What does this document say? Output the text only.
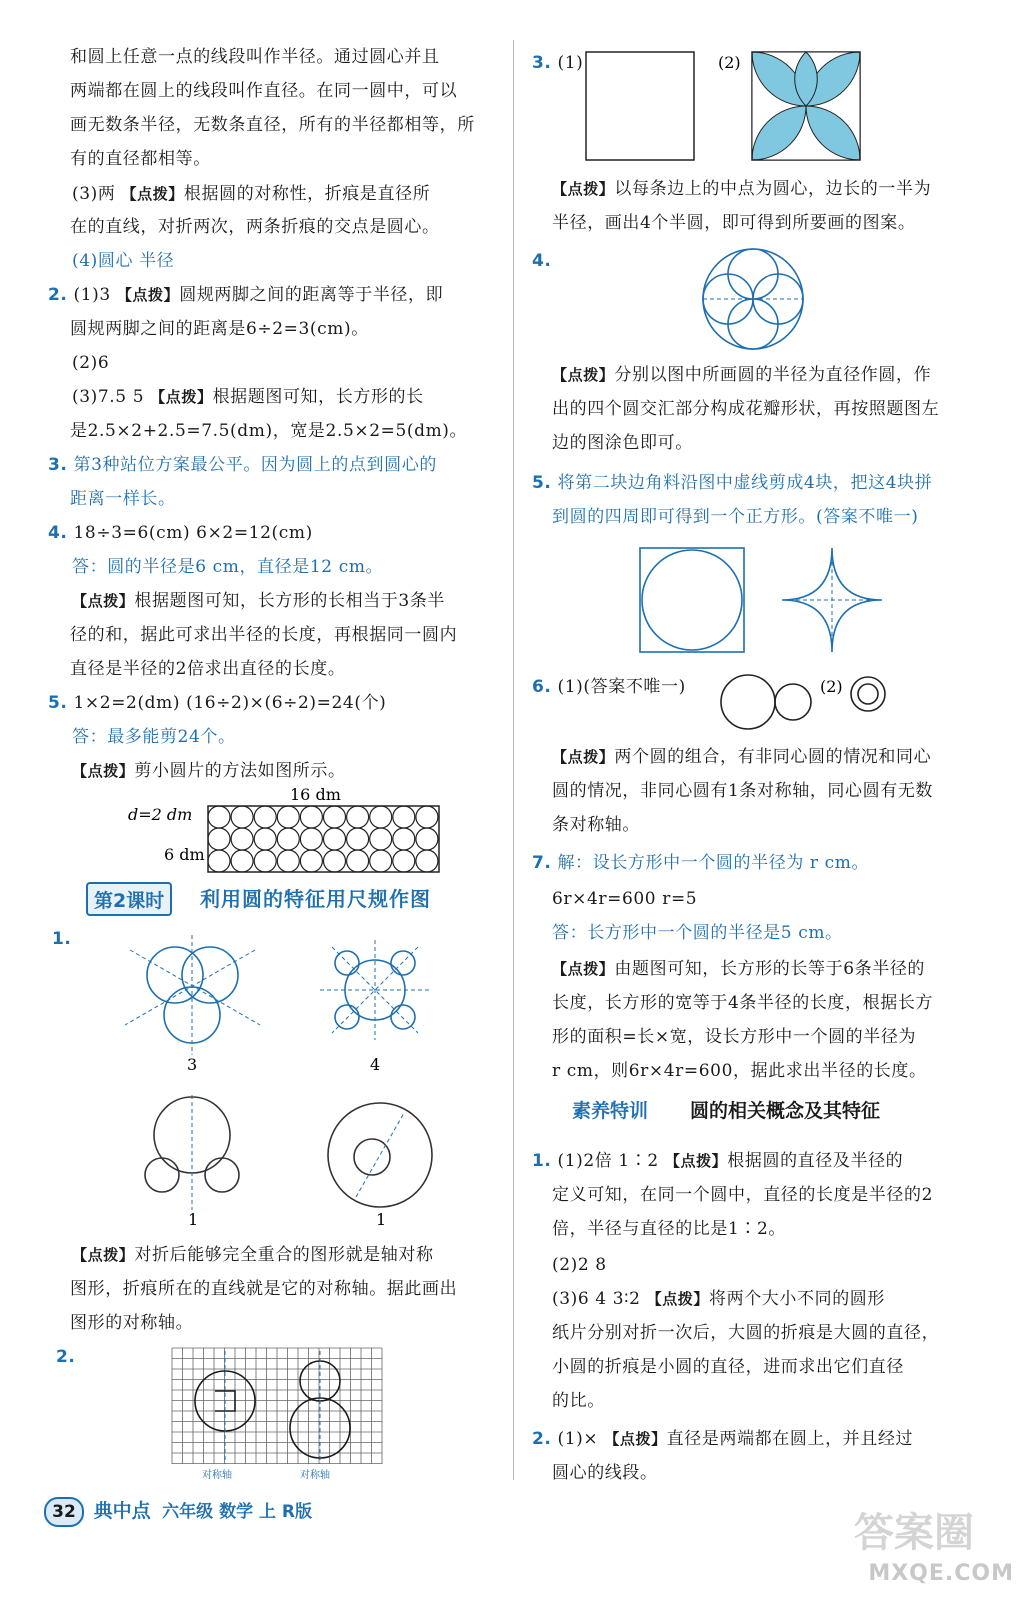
和圆上任意一点的线段叫作半径。通过圆心并且
两端都在圆上的线段叫作直径。在同一圆中，可以
画无数条半径，无数条直径，所有的半径都相等，所
有的直径都相等。
(3)两 【点拨】根据圆的对称性，折痕是直径所
在的直线，对折两次，两条折痕的交点是圆心。
(4)圆心 半径
2. (1)3 【点拨】圆规两脚之间的距离等于半径，即
圆规两脚之间的距离是6÷2=3(cm)。
(2)6
(3)7.5 5 【点拨】根据题图可知，长方形的长
是2.5×2+2.5=7.5(dm)，宽是2.5×2=5(dm)。
3. 第3种站位方案最公平。因为圆上的点到圆心的
距离一样长。
4. 18÷3=6(cm) 6×2=12(cm)
答：圆的半径是6 cm，直径是12 cm。
【点拨】根据题图可知，长方形的长相当于3条半
径的和，据此可求出半径的长度，再根据同一圆内
直径是半径的2倍求出直径的长度。
5. 1×2=2(dm) (16÷2)×(6÷2)=24(个)
答：最多能剪24个。
【点拨】剪小圆片的方法如图所示。
16 dm
d=2 dm
6 dm
第2课时 利用圆的特征用尺规作图
1.
3	4
1	1
【点拨】对折后能够完全重合的图形就是轴对称
图形，折痕所在的直线就是它的对称轴。据此画出
图形的对称轴。
2.
对称轴	对称轴
3. (1)	(2)
【点拨】以每条边上的中点为圆心，边长的一半为
半径，画出4个半圆，即可得到所要画的图案。
4.
【点拨】分别以图中所画圆的半径为直径作圆，作
出的四个圆交汇部分构成花瓣形状，再按照题图左
边的图涂色即可。
5. 将第二块边角料沿图中虚线剪成4块，把这4块拼
到圆的四周即可得到一个正方形。(答案不唯一)
6. (1)(答案不唯一)	(2)
【点拨】两个圆的组合，有非同心圆的情况和同心
圆的情况，非同心圆有1条对称轴，同心圆有无数
条对称轴。
7. 解：设长方形中一个圆的半径为 r cm。
6r×4r=600 r=5
答：长方形中一个圆的半径是5 cm。
【点拨】由题图可知，长方形的长等于6条半径的
长度，长方形的宽等于4条半径的长度，根据长方
形的面积=长×宽，设长方形中一个圆的半径为
r cm，则6r×4r=600，据此求出半径的长度。
素养特训 圆的相关概念及其特征
1. (1)2倍 1∶2 【点拨】根据圆的直径及半径的
定义可知，在同一个圆中，直径的长度是半径的2
倍，半径与直径的比是1∶2。
(2)2 8
(3)6 4 3∶2 【点拨】将两个大小不同的圆形
纸片分别对折一次后，大圆的折痕是大圆的直径，
小圆的折痕是小圆的直径，进而求出它们直径
的比。
2. (1)× 【点拨】直径是两端都在圆上，并且经过
圆心的线段。
32 典中点 六年级 数学 上 R版	答案圈
MXQE.COM
